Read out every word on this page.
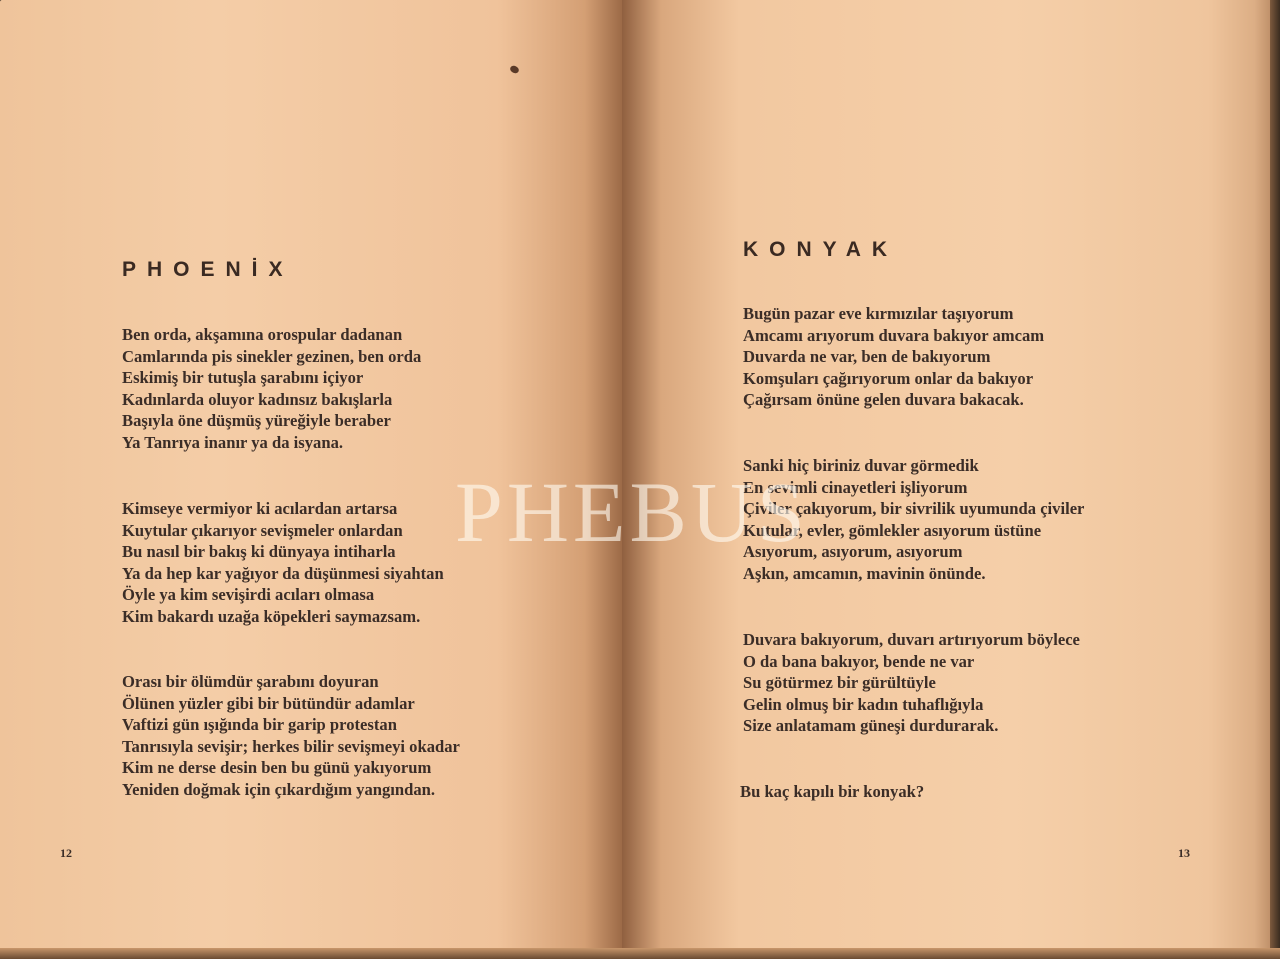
PHOENİX
Ben orda, akşamına orospular dadanan
Camlarında pis sinekler gezinen, ben orda
Eskimiş bir tutuşla şarabını içiyor
Kadınlarda oluyor kadınsız bakışlarla
Başıyla öne düşmüş yüreğiyle beraber
Ya Tanrıya inanır ya da isyana.
Kimseye vermiyor ki acılardan artarsa
Kuytular çıkarıyor sevişmeler onlardan
Bu nasıl bir bakış ki dünyaya intiharla
Ya da hep kar yağıyor da düşünmesi siyahtan
Öyle ya kim sevişirdi acıları olmasa
Kim bakardı uzağa köpekleri saymazsam.
Orası bir ölümdür şarabını doyuran
Ölünen yüzler gibi bir bütündür adamlar
Vaftizi gün ışığında bir garip protestan
Tanrısıyla sevişir; herkes bilir sevişmeyi okadar
Kim ne derse desin ben bu günü yakıyorum
Yeniden doğmak için çıkardığım yangından.
12
KONYAK
Bugün pazar eve kırmızılar taşıyorum
Amcamı arıyorum duvara bakıyor amcam
Duvarda ne var, ben de bakıyorum
Komşuları çağırıyorum onlar da bakıyor
Çağırsam önüne gelen duvara bakacak.
Sanki hiç biriniz duvar görmedik
En sevimli cinayetleri işliyorum
Çiviler çakıyorum, bir sivrilik uyumunda çiviler
Kutular, evler, gömlekler asıyorum üstüne
Asıyorum, asıyorum, asıyorum
Aşkın, amcamın, mavinin önünde.
Duvara bakıyorum, duvarı artırıyorum böylece
O da bana bakıyor, bende ne var
Su götürmez bir gürültüyle
Gelin olmuş bir kadın tuhaflığıyla
Size anlatamam güneşi durdurarak.
Bu kaç kapılı bir konyak?
13
PHEBUS
